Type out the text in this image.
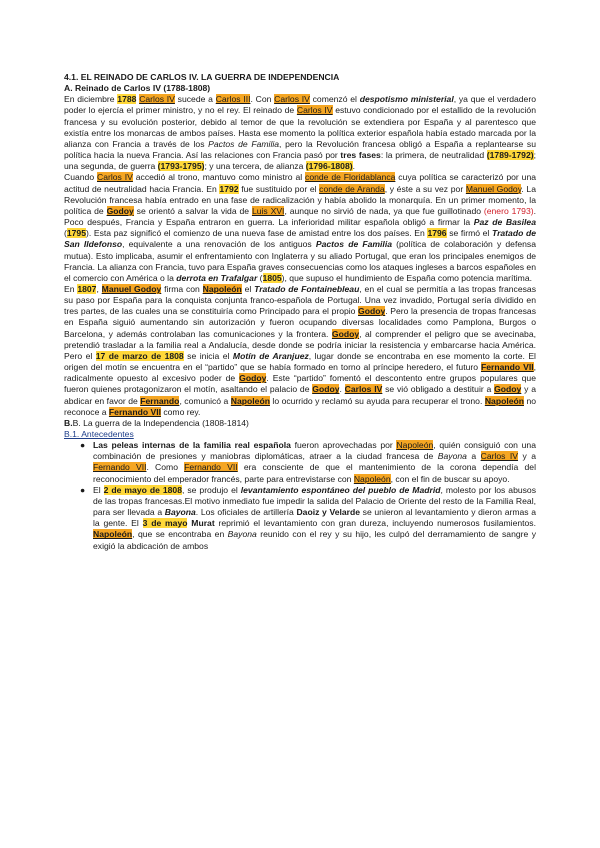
4.1. EL REINADO DE CARLOS IV. LA GUERRA DE INDEPENDENCIA
A. Reinado de Carlos IV (1788-1808)

En diciembre 1788 Carlos IV sucede a Carlos III. Con Carlos IV comenzó el despotismo ministerial, ya que el verdadero poder lo ejercía el primer ministro, y no el rey. El reinado de Carlos IV estuvo condicionado por el estallido de la revolución francesa y su evolución posterior, debido al temor de que la revolución se extendiera por España y al parentesco que existía entre los monarcas de ambos países. Hasta ese momento la política exterior española había estado marcada por la alianza con Francia a través de los Pactos de Familia, pero la Revolución francesa obligó a España a replantearse su política hacia la nueva Francia. Así las relaciones con Francia pasó por tres fases: la primera, de neutralidad (1789-1792); una segunda, de guerra (1793-1795); y una tercera, de alianza (1796-1808).

Cuando Carlos IV accedió al trono, mantuvo como ministro al conde de Floridablanca cuya política se caracterizó por una actitud de neutralidad hacia Francia. En 1792 fue sustituido por el conde de Aranda, y éste a su vez por Manuel Godoy. La Revolución francesa había entrado en una fase de radicalización y había abolido la monarquía. En un primer momento, la política de Godoy se orientó a salvar la vida de Luis XVI, aunque no sirvió de nada, ya que fue guillotinado (enero 1793). Poco después, Francia y España entraron en guerra. La inferioridad militar española obligó a firmar la Paz de Basilea (1795). Esta paz significó el comienzo de una nueva fase de amistad entre los dos países. En 1796 se firmó el Tratado de San Ildefonso, equivalente a una renovación de los antiguos Pactos de Familia (política de colaboración y defensa mutua). Esto implicaba, asumir el enfrentamiento con Inglaterra y su aliado Portugal, que eran los principales enemigos de Francia. La alianza con Francia, tuvo para España graves consecuencias como los ataques ingleses a barcos españoles en el comercio con América o la derrota en Trafalgar (1805), que supuso el hundimiento de España como potencia marítima.

En 1807, Manuel Godoy firma con Napoleón el Tratado de Fontainebleau, en el cual se permitía a las tropas francesas su paso por España para la conquista conjunta franco-española de Portugal. Una vez invadido, Portugal sería dividido en tres partes, de las cuales una se constituiría como Principado para el propio Godoy. Pero la presencia de tropas francesas en España siguió aumentando sin autorización y fueron ocupando diversas localidades como Pamplona, Burgos o Barcelona, y además controlaban las comunicaciones y la frontera. Godoy, al comprender el peligro que se avecinaba, pretendió trasladar a la familia real a Andalucía, desde donde se podría iniciar la resistencia y embarcarse hacia América. Pero el 17 de marzo de 1808 se inicia el Motín de Aranjuez, lugar donde se encontraba en ese momento la corte. El origen del motín se encuentra en el “partido” que se había formado en torno al príncipe heredero, el futuro Fernando VII, radicalmente opuesto al excesivo poder de Godoy. Este “partido” fomentó el descontento entre grupos populares que fueron quienes protagonizaron el motín, asaltando el palacio de Godoy. Carlos IV se vió obligado a destituir a Godoy y a abdicar en favor de Fernando, comunicó a Napoleón lo ocurrido y reclamó su ayuda para recuperar el trono. Napoleón no reconoce a Fernando VII como rey.

B.B. La guerra de la Independencia (1808-1814)
B.1. Antecedentes
● Las peleas internas de la familia real española fueron aprovechadas por Napoleón, quién consiguió con una combinación de presiones y maniobras diplomáticas, atraer a la ciudad francesa de Bayona a Carlos IV y a Fernando VII. Como Fernando VII era consciente de que el mantenimiento de la corona dependía del reconocimiento del emperador francés, parte para entrevistarse con Napoleón, con el fin de buscar su apoyo.
● El 2 de mayo de 1808, se produjo el levantamiento espontáneo del pueblo de Madrid, molesto por los abusos de las tropas francesas.El motivo inmediato fue impedir la salida del Palacio de Oriente del resto de la Familia Real, para ser llevada a Bayona. Los oficiales de artillería Daoiz y Velarde se unieron al levantamiento y dieron armas a la gente. El 3 de mayo Murat reprimió el levantamiento con gran dureza, incluyendo numerosos fusilamientos. Napoleón, que se encontraba en Bayona reunido con el rey y su hijo, les culpó del derramamiento de sangre y exigió la abdicación de ambos
